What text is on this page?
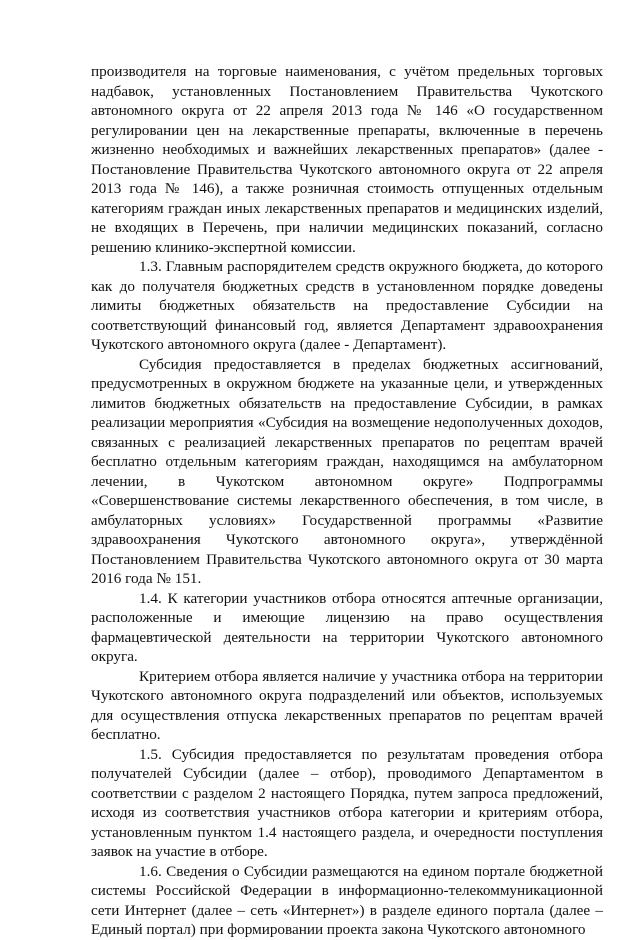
производителя на торговые наименования, с учётом предельных торговых надбавок, установленных Постановлением Правительства Чукотского автономного округа от 22 апреля 2013 года № 146 «О государственном регулировании цен на лекарственные препараты, включенные в перечень жизненно необходимых и важнейших лекарственных препаратов» (далее - Постановление Правительства Чукотского автономного округа от 22 апреля 2013 года № 146), а также розничная стоимость отпущенных отдельным категориям граждан иных лекарственных препаратов и медицинских изделий, не входящих в Перечень, при наличии медицинских показаний, согласно решению клинико-экспертной комиссии.

1.3. Главным распорядителем средств окружного бюджета, до которого как до получателя бюджетных средств в установленном порядке доведены лимиты бюджетных обязательств на предоставление Субсидии на соответствующий финансовый год, является Департамент здравоохранения Чукотского автономного округа (далее - Департамент).

Субсидия предоставляется в пределах бюджетных ассигнований, предусмотренных в окружном бюджете на указанные цели, и утвержденных лимитов бюджетных обязательств на предоставление Субсидии, в рамках реализации мероприятия «Субсидия на возмещение недополученных доходов, связанных с реализацией лекарственных препаратов по рецептам врачей бесплатно отдельным категориям граждан, находящимся на амбулаторном лечении, в Чукотском автономном округе» Подпрограммы «Совершенствование системы лекарственного обеспечения, в том числе, в амбулаторных условиях» Государственной программы «Развитие здравоохранения Чукотского автономного округа», утверждённой Постановлением Правительства Чукотского автономного округа от 30 марта 2016 года № 151.

1.4. К категории участников отбора относятся аптечные организации, расположенные и имеющие лицензию на право осуществления фармацевтической деятельности на территории Чукотского автономного округа.

Критерием отбора является наличие у участника отбора на территории Чукотского автономного округа подразделений или объектов, используемых для осуществления отпуска лекарственных препаратов по рецептам врачей бесплатно.

1.5. Субсидия предоставляется по результатам проведения отбора получателей Субсидии (далее – отбор), проводимого Департаментом в соответствии с разделом 2 настоящего Порядка, путем запроса предложений, исходя из соответствия участников отбора категории и критериям отбора, установленным пунктом 1.4 настоящего раздела, и очередности поступления заявок на участие в отборе.

1.6. Сведения о Субсидии размещаются на едином портале бюджетной системы Российской Федерации в информационно-телекоммуникационной сети Интернет (далее – сеть «Интернет») в разделе единого портала (далее – Единый портал) при формировании проекта закона Чукотского автономного
